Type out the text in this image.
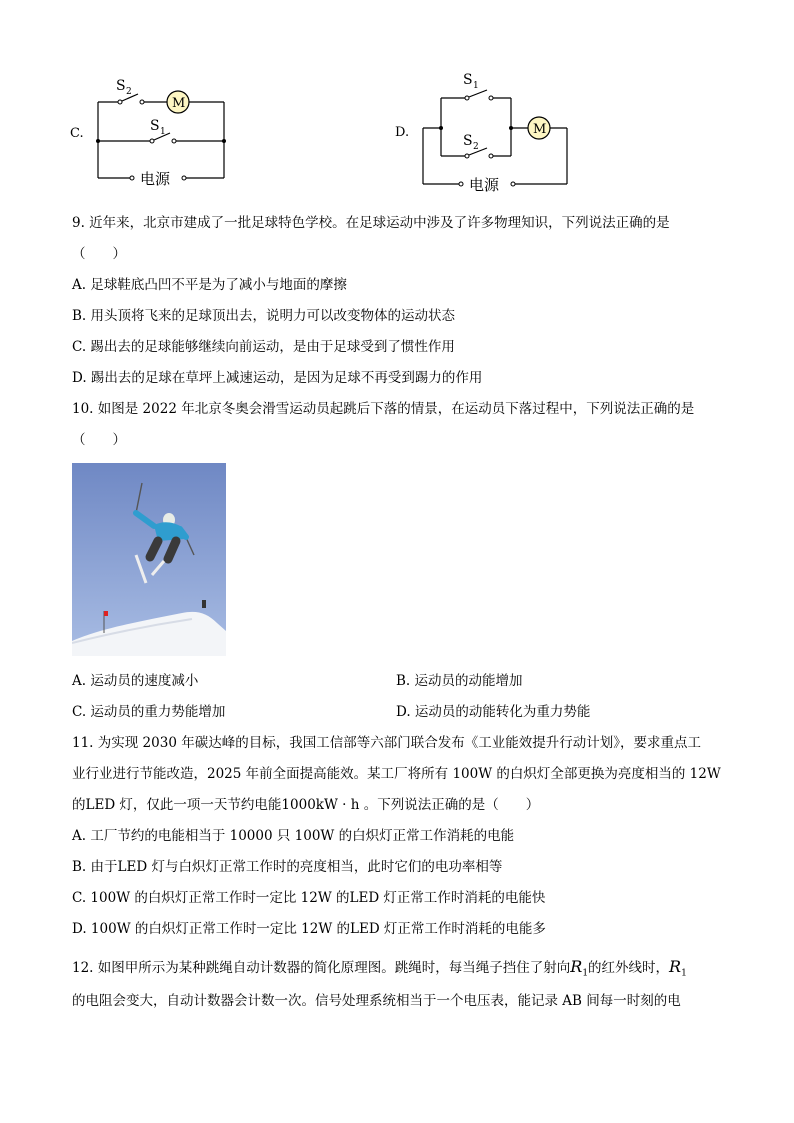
C.
电源
M
S 2
S 1	D.
电源
M
S 1
S 2
9. 近年来，北京市建成了一批足球特色学校。在足球运动中涉及了许多物理知识，下列说法正确的是
（　　）
A. 足球鞋底凸凹不平是为了减小与地面的摩擦
B. 用头顶将飞来的足球顶出去，说明力可以改变物体的运动状态
C. 踢出去的足球能够继续向前运动，是由于足球受到了惯性作用
D. 踢出去的足球在草坪上减速运动，是因为足球不再受到踢力的作用
10. 如图是 2022 年北京冬奥会滑雪运动员起跳后下落的情景，在运动员下落过程中，下列说法正确的是
（　　）
A. 运动员的速度减小	B. 运动员的动能增加
C. 运动员的重力势能增加	D. 运动员的动能转化为重力势能
11. 为实现 2030 年碳达峰的目标，我国工信部等六部门联合发布《工业能效提升行动计划》，要求重点工
业行业进行节能改造，2025 年前全面提高能效。某工厂将所有 100W 的白炽灯全部更换为亮度相当的 12W
的LED 灯，仅此一项一天节约电能1000kW · h 。下列说法正确的是（　　）
A. 工厂节约的电能相当于 10000 只 100W 的白炽灯正常工作消耗的电能
B. 由于LED 灯与白炽灯正常工作时的亮度相当，此时它们的电功率相等
C. 100W 的白炽灯正常工作时一定比 12W 的LED 灯正常工作时消耗的电能快
D. 100W 的白炽灯正常工作时一定比 12W 的LED 灯正常工作时消耗的电能多
12. 如图甲所示为某种跳绳自动计数器的简化原理图。跳绳时，每当绳子挡住了射向$R_1$的红外线时，$R_1$
的电阻会变大，自动计数器会计数一次。信号处理系统相当于一个电压表，能记录 AB 间每一时刻的电
